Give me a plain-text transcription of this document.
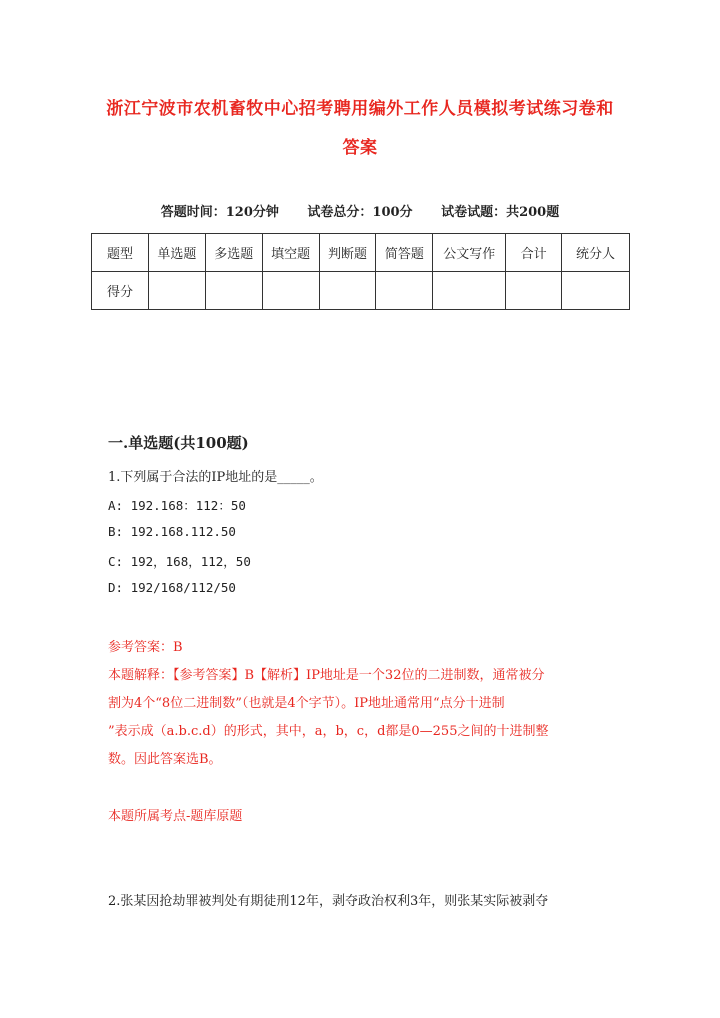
浙江宁波市农机畜牧中心招考聘用编外工作人员模拟考试练习卷和
答案
答题时间：120分钟 试卷总分：100分 试卷试题：共200题
题型	单选题	多选题	填空题	判断题	简答题	公文写作	合计	统分人
得分								
一.单选题(共100题)
1.下列属于合法的IP地址的是_____。
A: 192.168：112：50
B: 192.168.112.50
C: 192，168，112，50
D: 192/168/112/50
参考答案：B
本题解释：【参考答案】B【解析】IP地址是一个32位的二进制数，通常被分
割为4个“8位二进制数”（也就是4个字节）。IP地址通常用“点分十进制
”表示成（a.b.c.d）的形式，其中，a，b，c，d都是0—255之间的十进制整
数。因此答案选B。
本题所属考点-题库原题
2.张某因抢劫罪被判处有期徒刑12年，剥夺政治权利3年，则张某实际被剥夺
